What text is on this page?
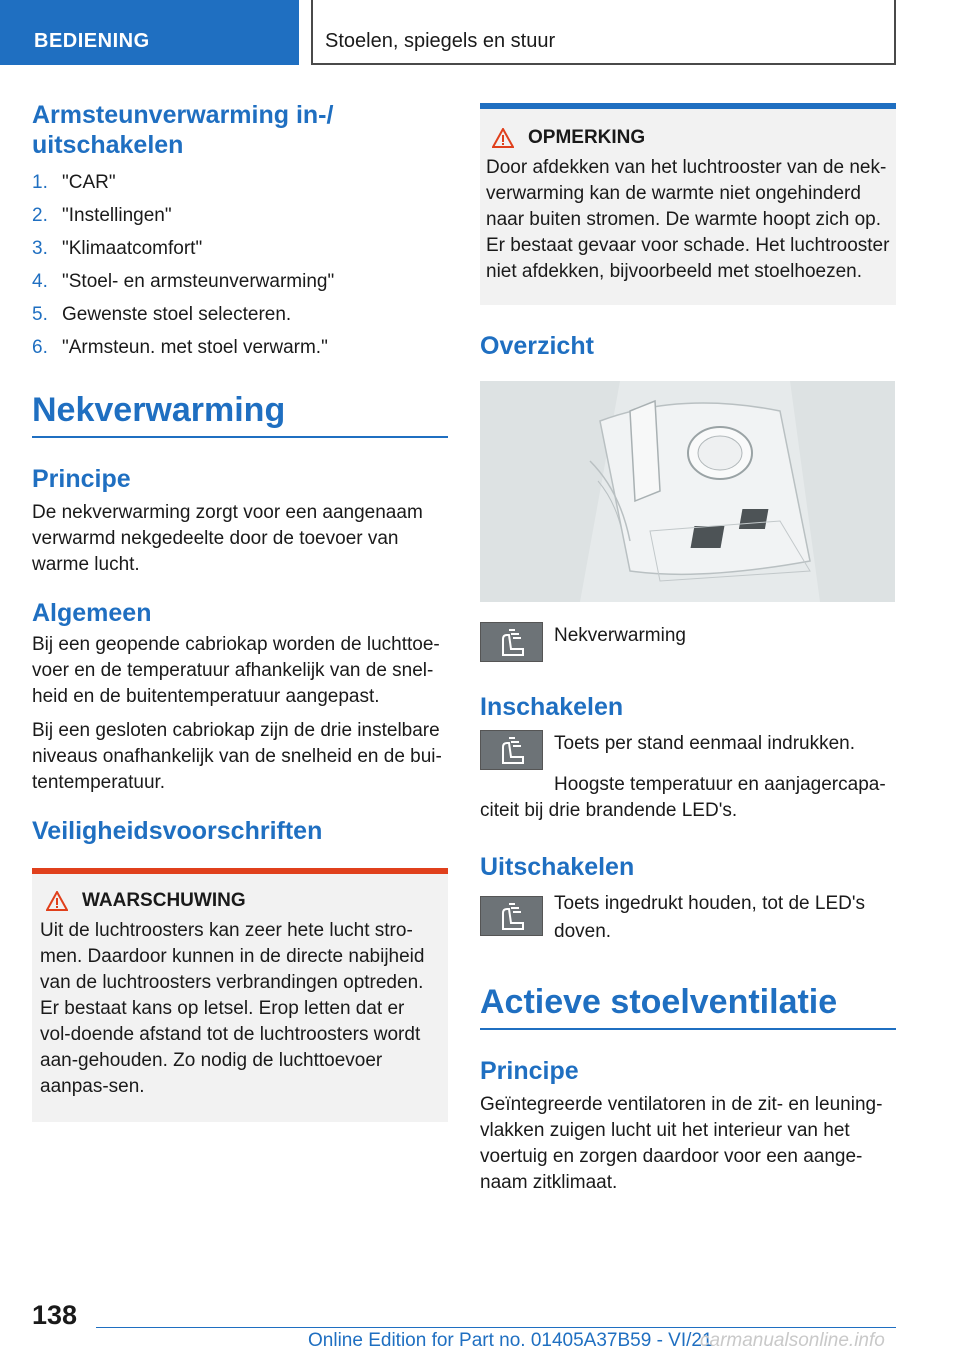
BEDIENING	Stoelen, spiegels en stuur
Armsteunverwarming in-/ uitschakelen
1. "CAR"
2. "Instellingen"
3. "Klimaatcomfort"
4. "Stoel- en armsteunverwarming"
5. Gewenste stoel selecteren.
6. "Armsteun. met stoel verwarm."
Nekverwarming
Principe

De nekverwarming zorgt voor een aangenaam verwarmd nekgedeelte door de toevoer van warme lucht.

Algemeen

Bij een geopende cabriokap worden de luchttoe-voer en de temperatuur afhankelijk van de snel-heid en de buitentemperatuur aangepast.

Bij een gesloten cabriokap zijn de drie instelbare niveaus onafhankelijk van de snelheid en de bui-tentemperatuur.

Veiligheidsvoorschriften
WAARSCHUWING

Uit de luchtroosters kan zeer hete lucht stro-men. Daardoor kunnen in de directe nabijheid van de luchtroosters verbrandingen optreden. Er bestaat kans op letsel. Erop letten dat er vol-doende afstand tot de luchtroosters wordt aan-gehouden. Zo nodig de luchttoevoer aanpas-sen.

OPMERKING

Door afdekken van het luchtrooster van de nek-verwarming kan de warmte niet ongehinderd naar buiten stromen. De warmte hoopt zich op. Er bestaat gevaar voor schade. Het luchtrooster niet afdekken, bijvoorbeeld met stoelhoezen.

Overzicht
Nekverwarming
Inschakelen
Toets per stand eenmaal indrukken.

Hoogste temperatuur en aanjagercapa-citeit bij drie brandende LED's.

Uitschakelen
Toets ingedrukt houden, tot de LED's doven.
Actieve stoelventilatie
Principe

Geïntegreerde ventilatoren in de zit- en leuning-vlakken zuigen lucht uit het interieur van het voertuig en zorgen daardoor voor een aange-naam zitklimaat.

138
Online Edition for Part no. 01405A37B59 - VI/21
carmanualsonline.info
